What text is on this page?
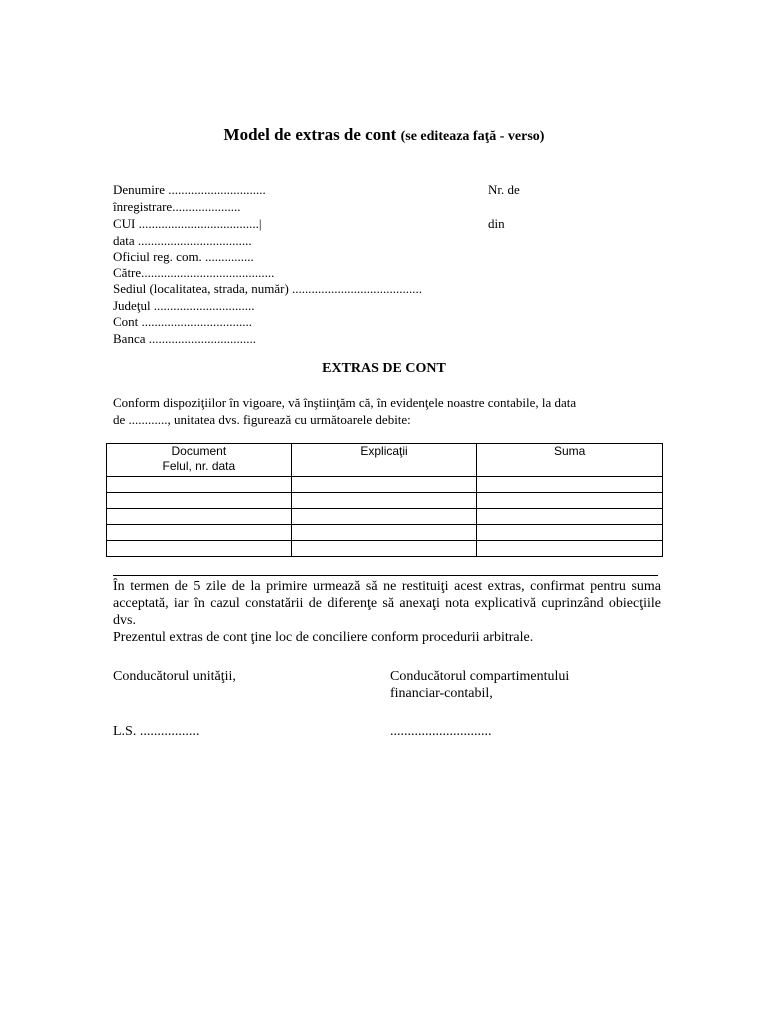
Model de extras de cont (se editeaza faţă - verso)
Denumire ..............................
înregistrare.....................
CUI .....................................|
data ...................................
Oficiul reg. com. ...............
Către.........................................
Sediul (localitatea, strada, număr) ........................................
Judeţul ...............................
Cont ..................................
Banca .................................
Nr. de
din
EXTRAS DE CONT
Conform dispoziţiilor în vigoare, vă înştiinţăm că, în evidenţele noastre contabile, la data
de ............, unitatea dvs. figurează cu următoarele debite:
Document
Felul, nr. data	Explicaţii	Suma

În termen de 5 zile de la primire urmează să ne restituiţi acest extras, confirmat pentru suma acceptată, iar în cazul constatării de diferenţe să anexaţi nota explicativă cuprinzând obiecţiile dvs.

Prezentul extras de cont ţine loc de conciliere conform procedurii arbitrale.

Conducătorul unităţii,	Conducătorul compartimentului
financiar-contabil,
L.S. .................	.............................
